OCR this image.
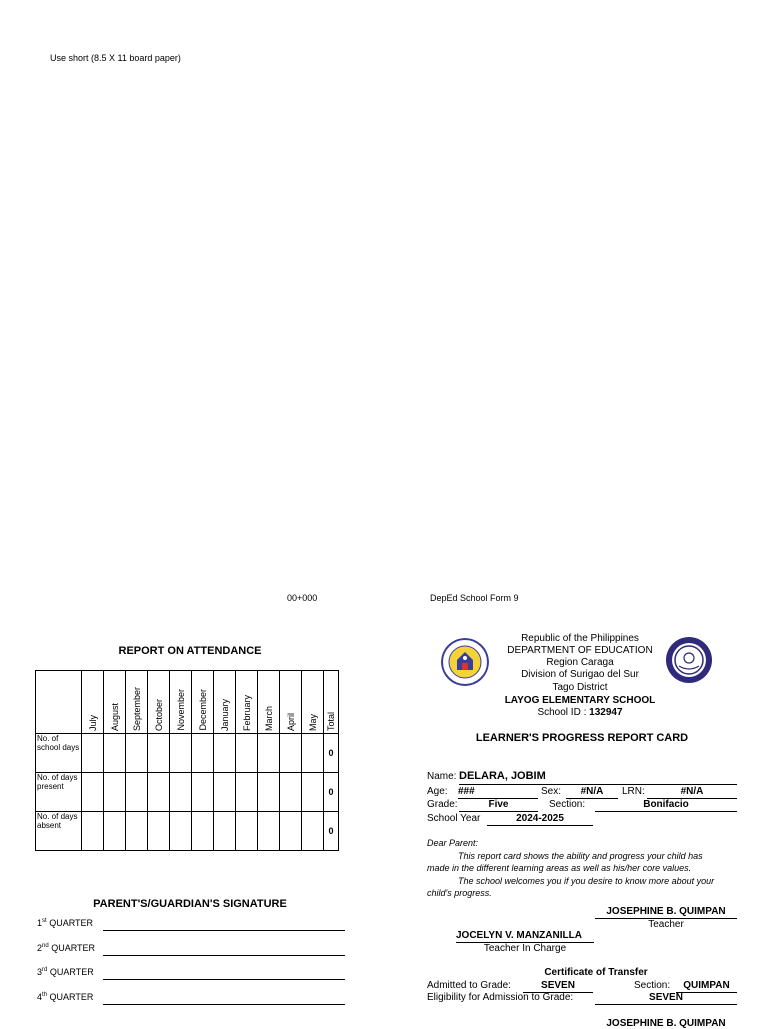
Use short (8.5 X 11 board paper)
00+000	DepEd School Form 9
REPORT ON ATTENDANCE

	July	August	September	October	November	December	January	February	March	April	May	Total

No. of school days												0
No. of days present												0
No. of days absent												0
PARENT'S/GUARDIAN'S SIGNATURE
1st QUARTER
2nd QUARTER
3rd QUARTER
4th QUARTER
Republic of the Philippines
DEPARTMENT OF EDUCATION
Region Caraga
Division of Surigao del Sur
Tago District
LAYOG ELEMENTARY SCHOOL
School ID : 132947
LEARNER'S PROGRESS REPORT CARD
Name: DELARA, JOBIM
Age: ###	Sex:	#N/A	LRN:	#N/A
Grade:	Five	Section:	Bonifacio
School Year	2024-2025
Dear Parent:
This report card shows the ability and progress your child has
made in the different learning areas as well as his/her core values.
The school welcomes you if you desire to know more about your
child's progress.
JOSEPHINE B. QUIMPAN
Teacher
JOCELYN V. MANZANILLA
Teacher In Charge
Certificate of Transfer
Admitted to Grade:	SEVEN	Section:	QUIMPAN
Eligibility for Admission to Grade:	SEVEN
JOSEPHINE B. QUIMPAN
